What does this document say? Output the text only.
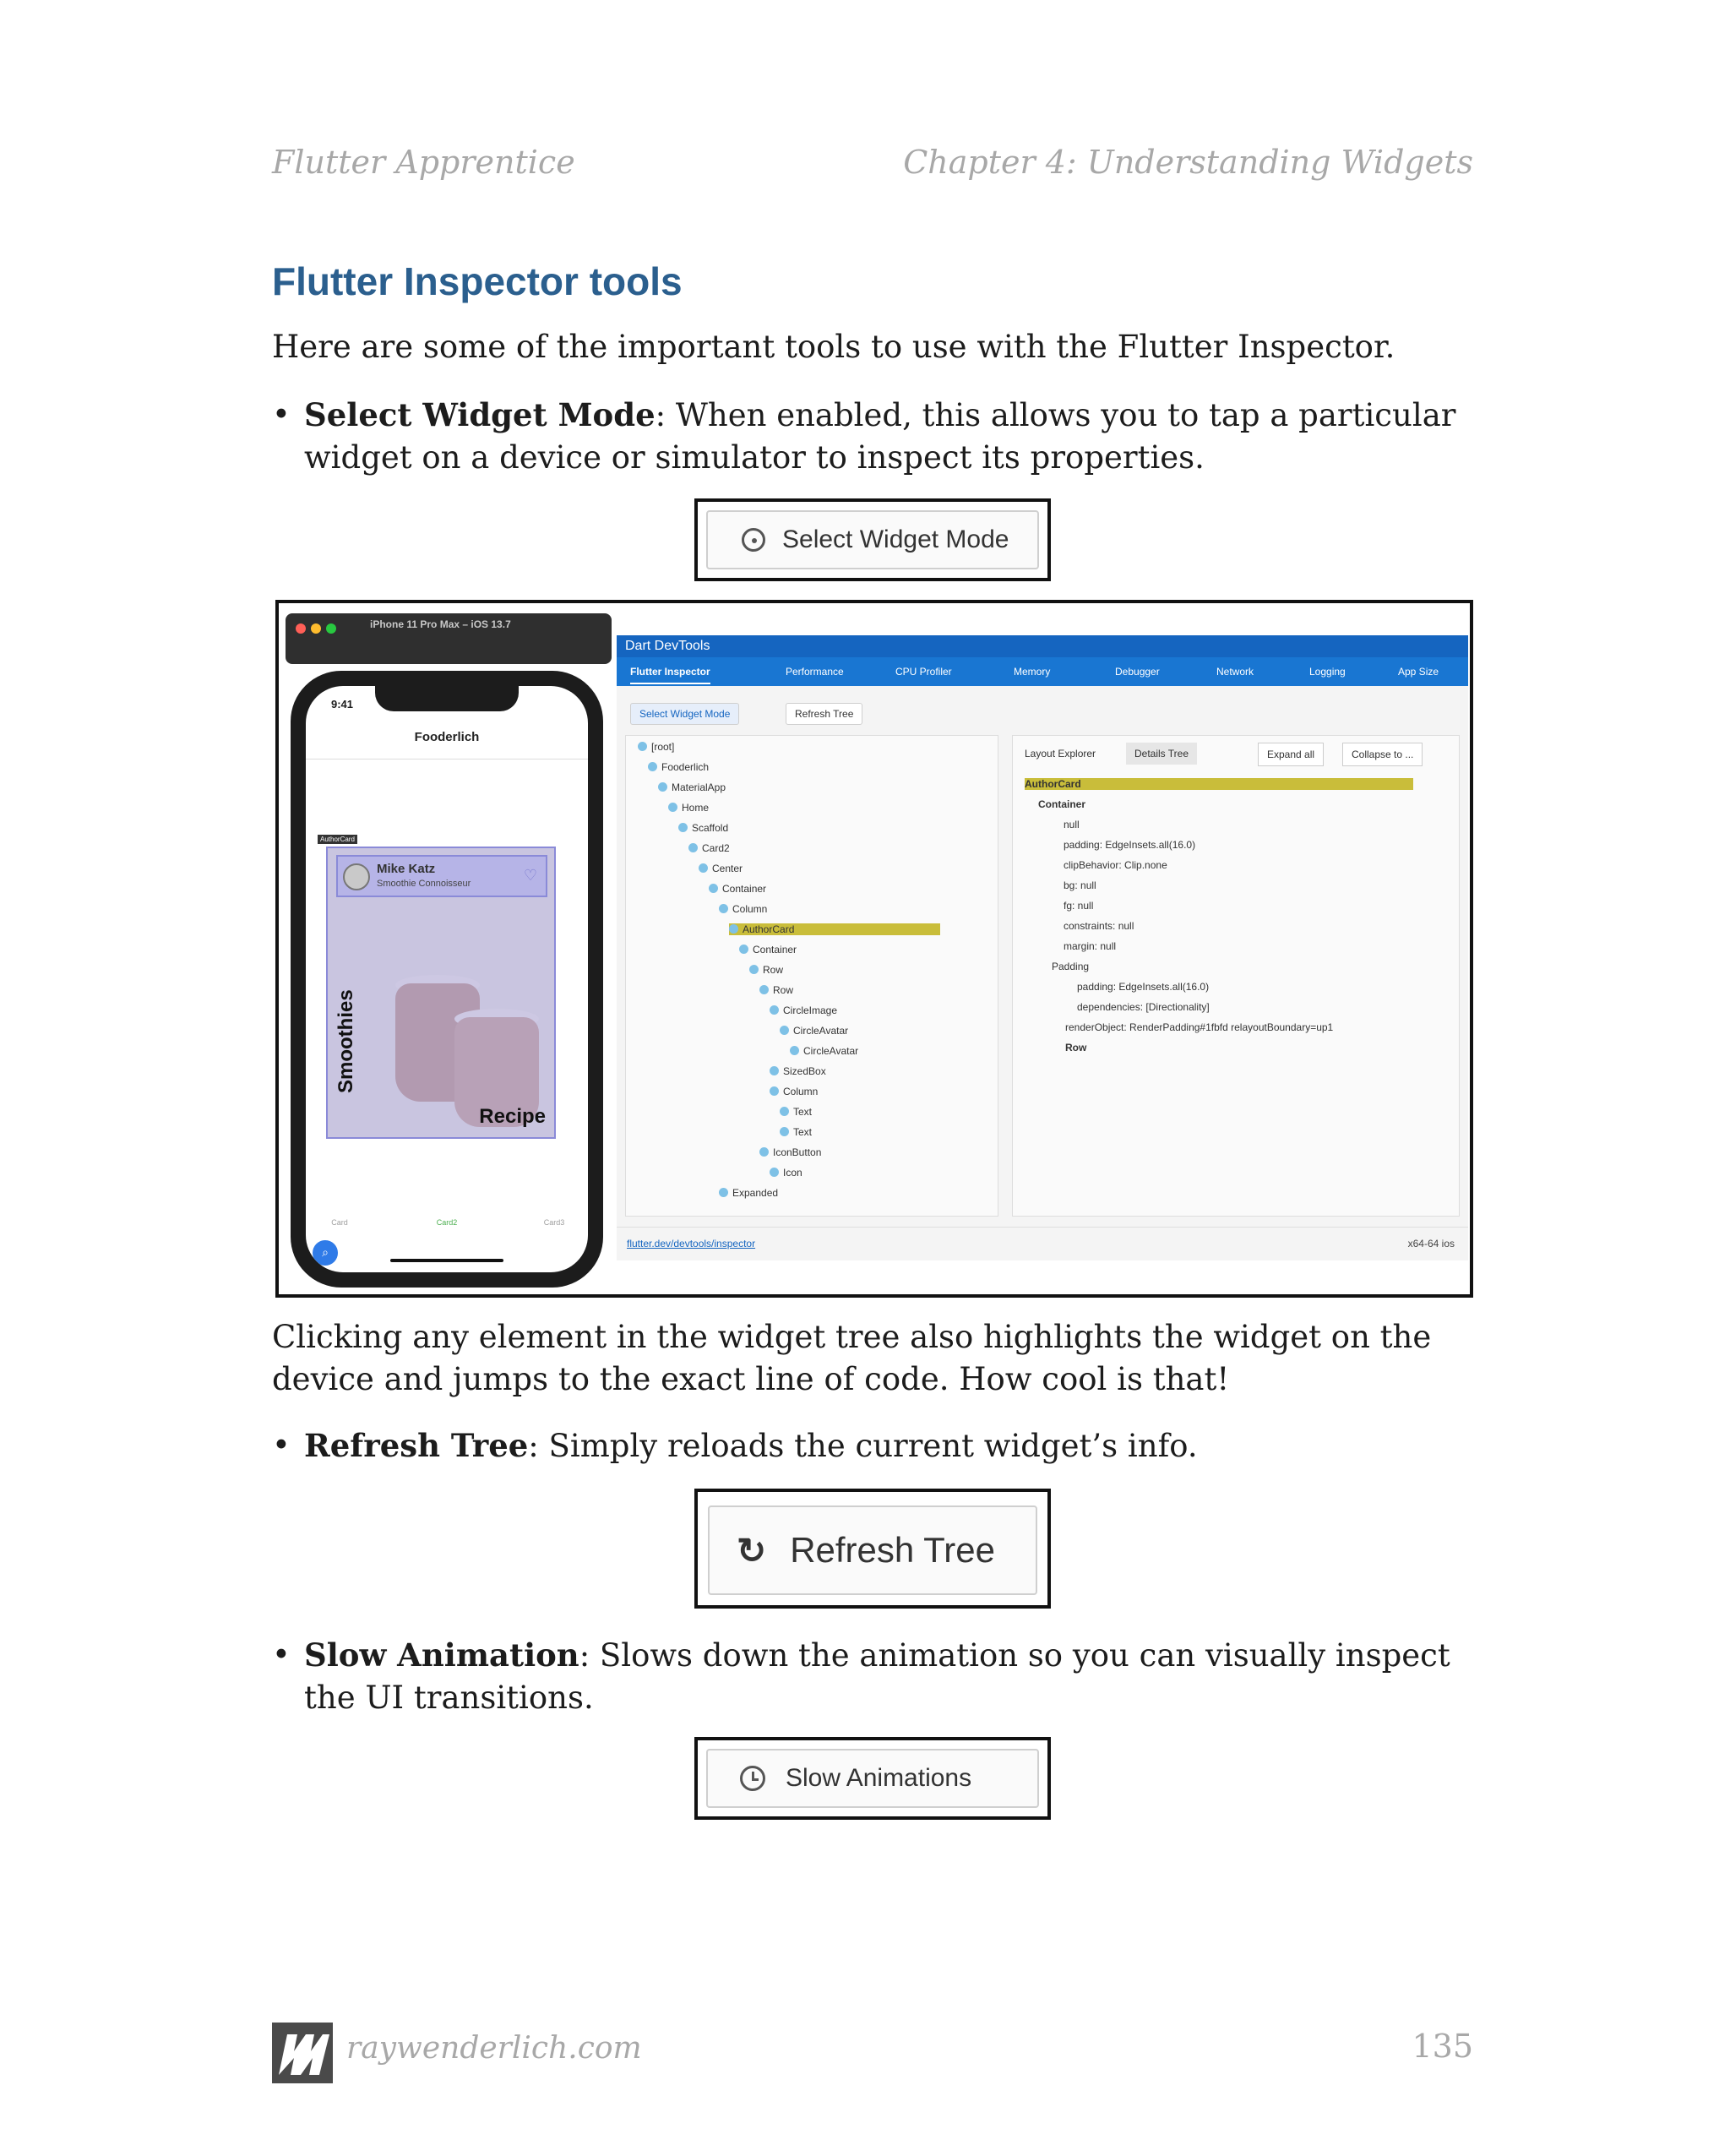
Flutter Apprentice	Chapter 4: Understanding Widgets
Flutter Inspector tools
Here are some of the important tools to use with the Flutter Inspector.
• Select Widget Mode: When enabled, this allows you to tap a particular widget on a device or simulator to inspect its properties.
Select Widget Mode
iPhone 11 Pro Max – iOS 13.7
9:41
Fooderlich
AuthorCard
Mike Katz
Smoothie Connoisseur	♡
Smoothies
Recipe
Card	Card2	Card3
⌕
Dart DevTools
Flutter Inspector	Performance	CPU Profiler	Memory	Debugger	Network	Logging	App Size
Select Widget Mode	Refresh Tree
[root]
Fooderlich
MaterialApp
Home
Scaffold
Card2
Center
Container
Column
AuthorCard
Container
Row
Row
CircleImage
CircleAvatar
CircleAvatar
SizedBox
Column
Text
Text
IconButton
Icon
Expanded
Layout Explorer	Details Tree	Expand all	Collapse to ...
AuthorCard
Container
null
padding: EdgeInsets.all(16.0)
clipBehavior: Clip.none
bg: null
fg: null
constraints: null
margin: null
Padding
padding: EdgeInsets.all(16.0)
dependencies: [Directionality]
renderObject: RenderPadding#1fbfd relayoutBoundary=up1
Row
flutter.dev/devtools/inspector	x64-64 ios
Clicking any element in the widget tree also highlights the widget on the device and jumps to the exact line of code. How cool is that!
• Refresh Tree: Simply reloads the current widget’s info.
↻ Refresh Tree
• Slow Animation: Slows down the animation so you can visually inspect the UI transitions.
Slow Animations
raywenderlich.com	135
